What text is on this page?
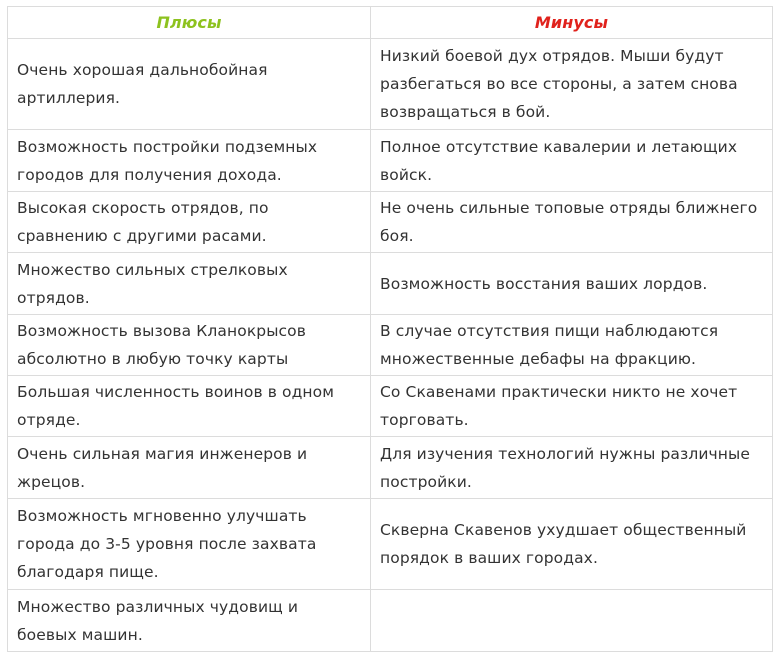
Плюсы	Минусы
Очень хорошая дальнобойная артиллерия.	Низкий боевой дух отрядов. Мыши будут разбегаться во все стороны, а затем снова возвращаться в бой.
Возможность постройки подземных городов для получения дохода.	Полное отсутствие кавалерии и летающих войск.
Высокая скорость отрядов, по сравнению с другими расами.	Не очень сильные топовые отряды ближнего боя.
Множество сильных стрелковых отрядов.	Возможность восстания ваших лордов.
Возможность вызова Кланокрысов абсолютно в любую точку карты	В случае отсутствия пищи наблюдаются множественные дебафы на фракцию.
Большая численность воинов в одном отряде.	Со Скавенами практически никто не хочет торговать.
Очень сильная магия инженеров и жрецов.	Для изучения технологий нужны различные постройки.
Возможность мгновенно улучшать города до 3-5 уровня после захвата благодаря пище.	Скверна Скавенов ухудшает общественный порядок в ваших городах.
Множество различных чудовищ и боевых машин.	
